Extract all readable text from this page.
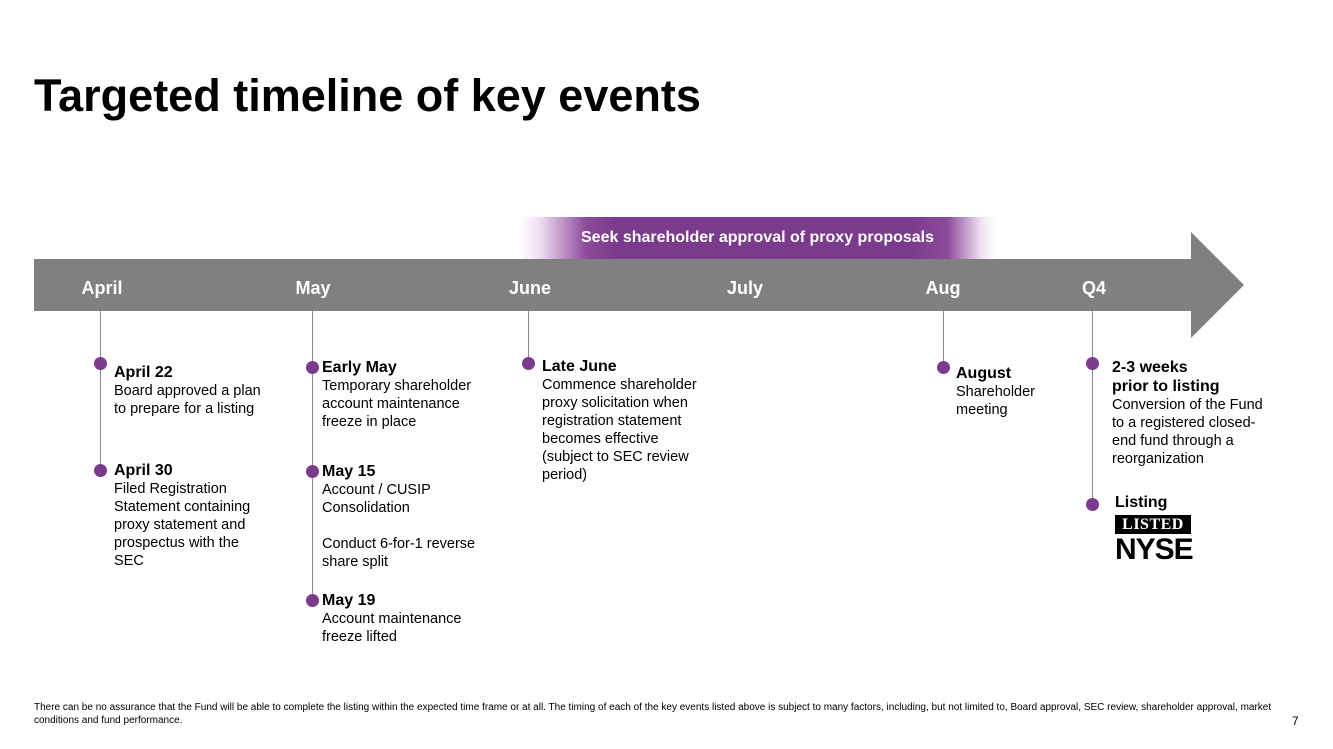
Targeted timeline of key events
Seek shareholder approval of proxy proposals
April	May	June	July	Aug	Q4
April 22
Board approved a plan
to prepare for a listing
April 30
Filed Registration
Statement containing
proxy statement and
prospectus with the
SEC
Early May
Temporary shareholder
account maintenance
freeze in place
May 15
Account / CUSIP
Consolidation

Conduct 6-for-1 reverse
share split
May 19
Account maintenance
freeze lifted
Late June
Commence shareholder
proxy solicitation when
registration statement
becomes effective
(subject to SEC review
period)
August
Shareholder
meeting
2-3 weeks
prior to listing
Conversion of the Fund
to a registered closed-
end fund through a
reorganization
Listing
LISTED
NYSE
There can be no assurance that the Fund will be able to complete the listing within the expected time frame or at all. The timing of each of the key events listed above is subject to many factors, including, but not limited to, Board approval, SEC review, shareholder approval, market conditions and fund performance.	7
